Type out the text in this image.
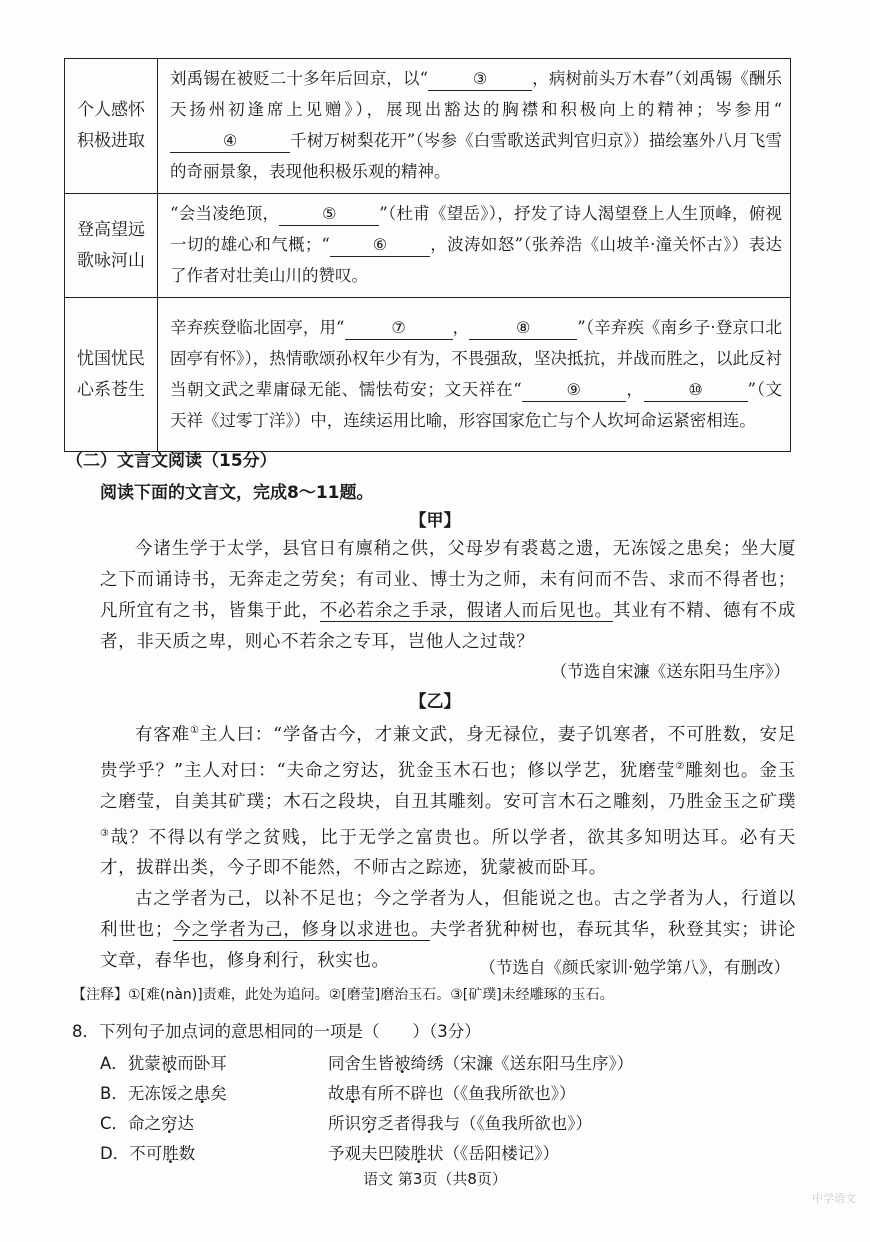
个人感怀
积极进取	刘禹锡在被贬二十多年后回京，以“ ③ ，病树前头万木春”（刘禹锡《酬乐天扬州初逢席上见赠》），展现出豁达的胸襟和积极向上的精神；岑参用“④ 千树万树梨花开”（岑参《白雪歌送武判官归京》）描绘塞外八月飞雪的奇丽景象，表现他积极乐观的精神。

登高望远
歌咏河山	“会当凌绝顶， ⑤ ”（杜甫《望岳》），抒发了诗人渴望登上人生顶峰，俯视一切的雄心和气概；“ ⑥ ，波涛如怒”（张养浩《山坡羊·潼关怀古》）表达了作者对壮美山川的赞叹。

忧国忧民
心系苍生	辛弃疾登临北固亭，用“ ⑦ ， ⑧ ”（辛弃疾《南乡子·登京口北固亭有怀》），热情歌颂孙权年少有为，不畏强敌，坚决抵抗，并战而胜之，以此反衬当朝文武之辈庸碌无能、懦怯苟安；文天祥在“ ⑨ ， ⑩ ”（文天祥《过零丁洋》）中，连续运用比喻，形容国家危亡与个人坎坷命运紧密相连。
（二）文言文阅读（15分）
阅读下面的文言文，完成8～11题。
【甲】

今诸生学于太学，县官日有廪稍之供，父母岁有裘葛之遗，无冻馁之患矣；坐大厦之下而诵诗书，无奔走之劳矣；有司业、博士为之师，未有问而不告、求而不得者也；凡所宜有之书，皆集于此，不必若余之手录，假诸人而后见也。其业有不精、德有不成者，非天质之卑，则心不若余之专耳，岂他人之过哉？

（节选自宋濂《送东阳马生序》）
【乙】

有客难①主人曰：“学备古今，才兼文武，身无禄位，妻子饥寒者，不可胜数，安足贵学乎？”主人对曰：“夫命之穷达，犹金玉木石也；修以学艺，犹磨莹②雕刻也。金玉之磨莹，自美其矿璞；木石之段块，自丑其雕刻。安可言木石之雕刻，乃胜金玉之矿璞③哉？不得以有学之贫贱，比于无学之富贵也。所以学者，欲其多知明达耳。必有天才，拔群出类，今子即不能然，不师古之踪迹，犹蒙被而卧耳。

古之学者为己，以补不足也；今之学者为人，但能说之也。古之学者为人，行道以利世也；今之学者为己，修身以求进也。夫学者犹种树也，春玩其华，秋登其实；讲论文章，春华也，修身利行，秋实也。	（节选自《颜氏家训·勉学第八》，有删改）
【注释】①[难(nàn)]责难，此处为追问。②[磨莹]磨治玉石。③[矿璞]未经雕琢的玉石。
8．下列句子加点词的意思相同的一项是（　　）（3分）
A．犹蒙被而卧耳	同舍生皆被绮绣（宋濂《送东阳马生序》）
B．无冻馁之患矣	故患有所不辟也（《鱼我所欲也》）
C．命之穷达	所识穷乏者得我与（《鱼我所欲也》）
D．不可胜数	予观夫巴陵胜状（《岳阳楼记》）
语文 第3页（共8页）
中学语文
